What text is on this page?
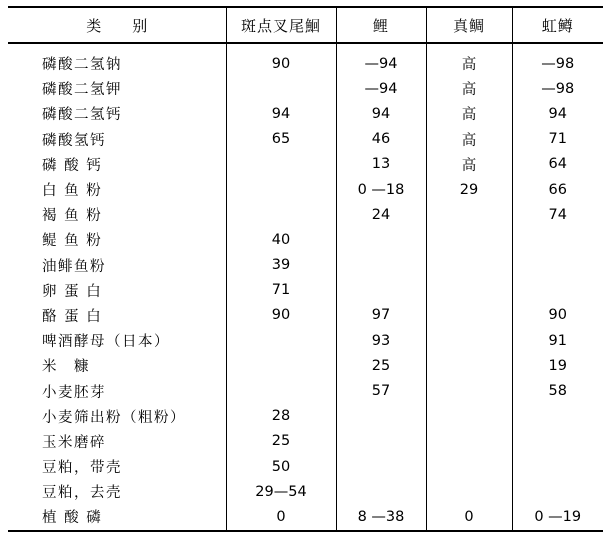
类　别	斑点叉尾鮰	鲤	真鲷	虹鳟

磷酸二氢钠	90	—94	高	—98
磷酸二氢钾		—94	高	—98
磷酸二氢钙	94	94	高	94
磷酸氢钙	65	46	高	71
磷 酸 钙		13	高	64
白 鱼 粉		0 —18	29	66
褐 鱼 粉		24		74
鳀 鱼 粉	40			
油鲱鱼粉	39			
卵 蛋 白	71			
酪 蛋 白	90	97		90
啤酒酵母（日本）		93		91
米　糠		25		19
小麦胚芽		57		58
小麦筛出粉（粗粉）	28			
玉米磨碎	25			
豆粕，带壳	50			
豆粕，去壳	29—54			
植 酸 磷	0	8 —38	0	0 —19
